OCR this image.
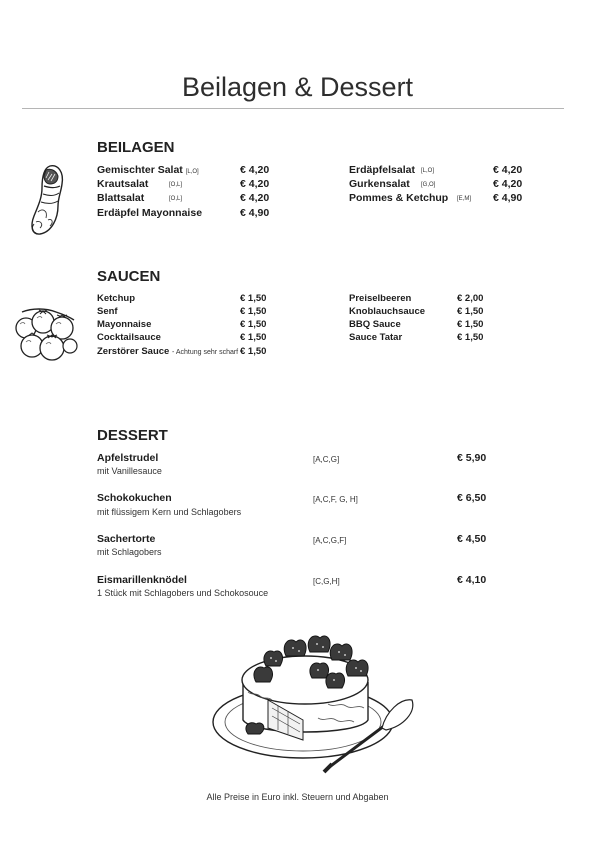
Beilagen & Dessert
BEILAGEN
Gemischter Salat [L,O]	€ 4,20
Krautsalat	[O,L]	€ 4,20
Blattsalat	[O,L]	€ 4,20
Erdäpfel Mayonnaise	€ 4,90
Erdäpfelsalat [L,O]	€ 4,20
Gurkensalat [G,O]	€ 4,20
Pommes & Ketchup [E,M] € 4,90
SAUCEN
Ketchup	€ 1,50
Senf	€ 1,50
Mayonnaise	€ 1,50
Cocktailsauce	€ 1,50
Zerstörer Sauce - Achtung sehr scharf € 1,50
Preiselbeeren	€ 2,00
Knoblauchsauce	€ 1,50
BBQ Sauce	€ 1,50
Sauce Tatar	€ 1,50
DESSERT
Apfelstrudel
mit Vanillesauce
[A,C,G]	€ 5,90
Schokokuchen
mit flüssigem Kern und Schlagobers
[A,C,F, G, H]	€ 6,50
Sachertorte
mit Schlagobers
[A,C,G,F]	€ 4,50
Eismarillenknödel
1 Stück mit Schlagobers und Schokosouce
[C,G,H]	€ 4,10
Alle Preise in Euro inkl. Steuern und Abgaben
